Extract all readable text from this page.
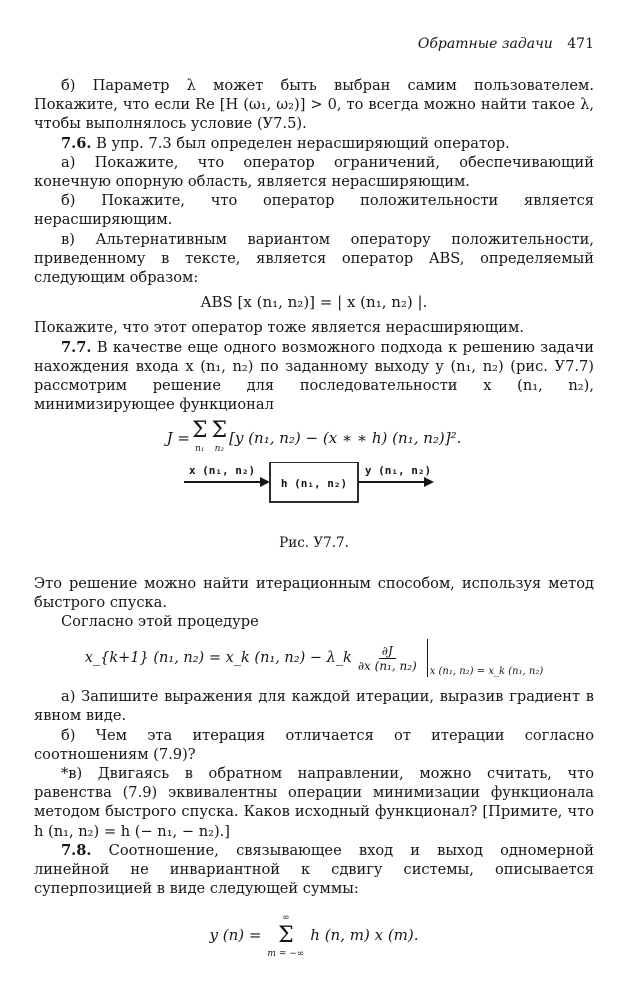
Обратные задачи 471

б) Параметр λ может быть выбран самим пользователем. Покажите, что если Re [H (ω₁, ω₂)] > 0, то всегда можно найти такое λ, чтобы выполнялось условие (У7.5).

7.6. В упр. 7.3 был определен нерасширяющий оператор.

а) Покажите, что оператор ограничений, обеспечивающий конечную опорную область, является нерасширяющим.

б) Покажите, что оператор положительности является нерасширяющим.

в) Альтернативным вариантом оператору положительности, приведенному в тексте, является оператор ABS, определяемый следующим образом:

ABS [x (n₁, n₂)] = | x (n₁, n₂) |.

Покажите, что этот оператор тоже является нерасширяющим.

7.7. В качестве еще одного возможного подхода к решению задачи нахождения входа x (n₁, n₂) по заданному выходу y (n₁, n₂) (рис. У7.7) рассмотрим решение для последовательности x (n₁, n₂), минимизирующее функционал

J = Σ
n₁
Σ
n₂
[y (n₁, n₂) − (x ∗ ∗ h) (n₁, n₂)]².
x (n₁, n₂)
h (n₁, n₂)
y (n₁, n₂)
Рис. У7.7.

Это решение можно найти итерационным способом, используя метод быстрого спуска.

Согласно этой процедуре

x_{k+1} (n₁, n₂) = x_k (n₁, n₂) − λ_k $\frac{\partial J}{\text{∂x (n₁, n₂)}}$ x (n₁, n₂) = x_k (n₁, n₂)

а) Запишите выражения для каждой итерации, выразив градиент в явном виде.

б) Чем эта итерация отличается от итерации согласно соотношениям (7.9)?

*в) Двигаясь в обратном направлении, можно считать, что равенства (7.9) эквивалентны операции минимизации функционала методом быстрого спуска. Каков исходный функционал? [Примите, что h (n₁, n₂) = h (− n₁, − n₂).]

7.8. Соотношение, связывающее вход и выход одномерной линейной не инвариантной к сдвигу системы, описывается суперпозицией в виде следующей суммы:

y (n) =
∞
Σ
m = −∞
h (n, m) x (m).
